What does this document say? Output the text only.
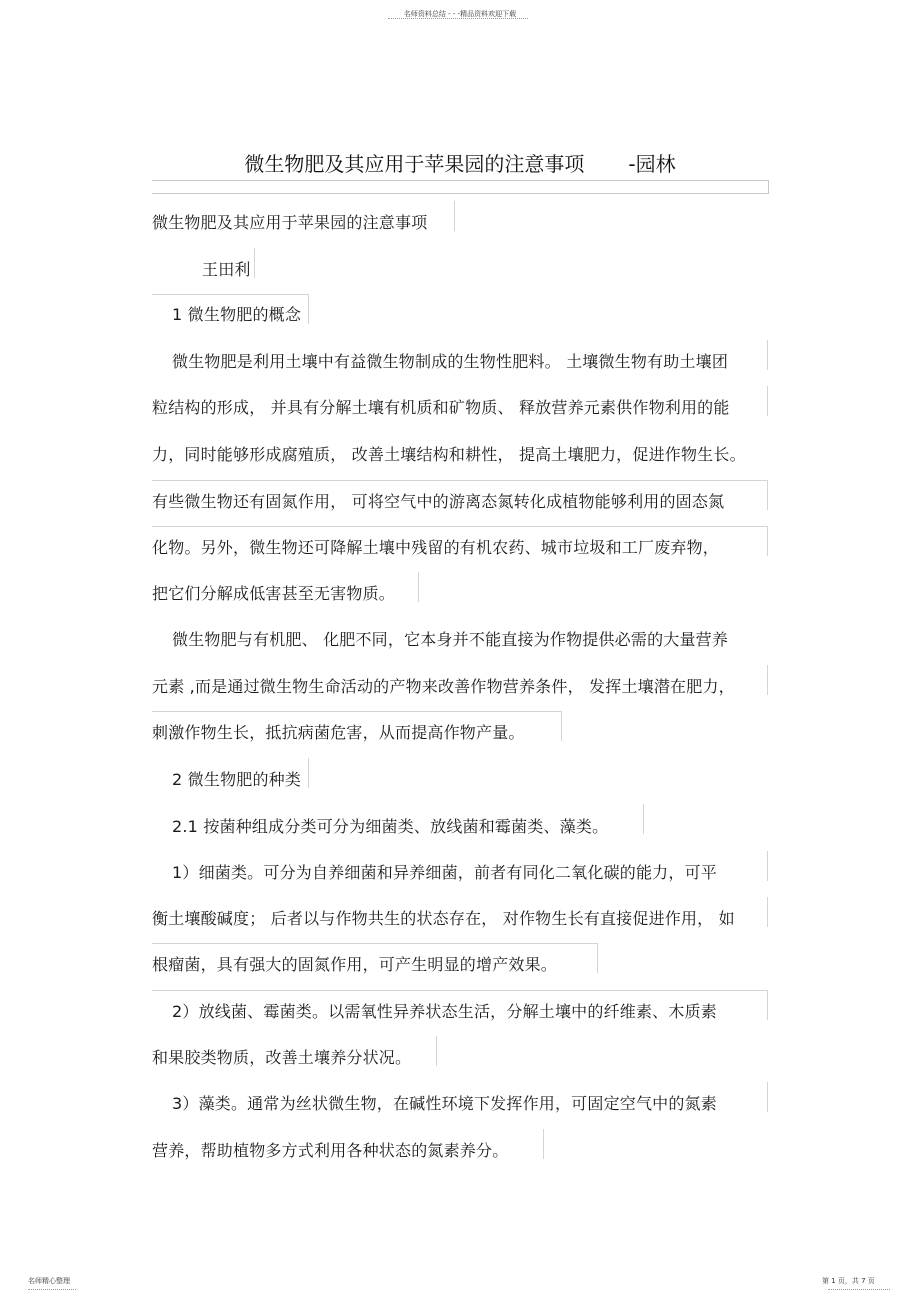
名师资料总结 - - -精品资料欢迎下载
微生物肥及其应用于苹果园的注意事项 -园林
微生物肥及其应用于苹果园的注意事项
王田利
1 微生物肥的概念
微生物肥是利用土壤中有益微生物制成的生物性肥料。 土壤微生物有助土壤团
粒结构的形成， 并具有分解土壤有机质和矿物质、 释放营养元素供作物利用的能
力，同时能够形成腐殖质， 改善土壤结构和耕性， 提高土壤肥力，促进作物生长。
有些微生物还有固氮作用， 可将空气中的游离态氮转化成植物能够利用的固态氮
化物。另外，微生物还可降解土壤中残留的有机农药、城市垃圾和工厂废弃物，
把它们分解成低害甚至无害物质。
微生物肥与有机肥、 化肥不同，它本身并不能直接为作物提供必需的大量营养
元素 ,而是通过微生物生命活动的产物来改善作物营养条件， 发挥土壤潜在肥力，
刺激作物生长，抵抗病菌危害，从而提高作物产量。
2 微生物肥的种类
2.1 按菌种组成分类可分为细菌类、放线菌和霉菌类、藻类。
1）细菌类。可分为自养细菌和异养细菌，前者有同化二氧化碳的能力，可平
衡土壤酸碱度； 后者以与作物共生的状态存在， 对作物生长有直接促进作用， 如
根瘤菌，具有强大的固氮作用，可产生明显的增产效果。
2）放线菌、霉菌类。以需氧性异养状态生活，分解土壤中的纤维素、木质素
和果胶类物质，改善土壤养分状况。
3）藻类。通常为丝状微生物，在碱性环境下发挥作用，可固定空气中的氮素
营养，帮助植物多方式利用各种状态的氮素养分。
名师精心整理	第 1 页，共 7 页
